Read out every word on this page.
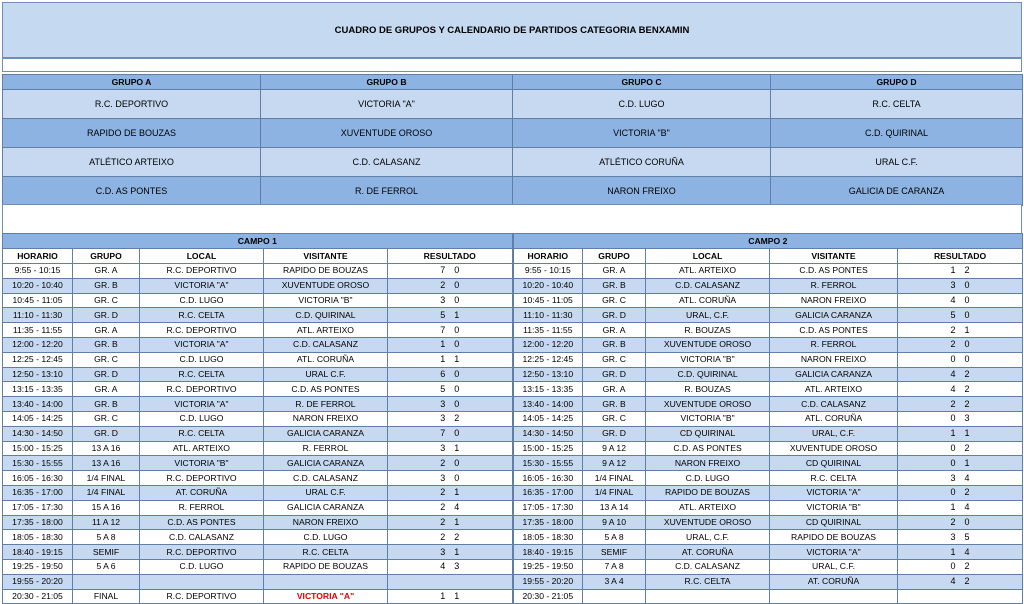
CUADRO DE GRUPOS Y CALENDARIO DE PARTIDOS CATEGORIA BENXAMIN
GRUPO A	GRUPO B	GRUPO C	GRUPO D
R.C. DEPORTIVO	VICTORIA "A"	C.D. LUGO	R.C. CELTA
RAPIDO DE BOUZAS	XUVENTUDE OROSO	VICTORIA "B"	C.D. QUIRINAL
ATLÉTICO ARTEIXO	C.D. CALASANZ	ATLÉTICO CORUÑA	URAL C.F.
C.D. AS PONTES	R. DE FERROL	NARON FREIXO	GALICIA DE CARANZA
CAMPO 1					CAMPO 2				
HORARIO	GRUPO	LOCAL	VISITANTE	RESULTADO	HORARIO	GRUPO	LOCAL	VISITANTE	RESULTADO
9:55 - 10:15	GR. A	R.C. DEPORTIVO	RAPIDO DE BOUZAS	7 0	9:55 - 10:15	GR. A	ATL. ARTEIXO	C.D. AS PONTES	1 2
10:20 - 10:40	GR. B	VICTORIA "A"	XUVENTUDE OROSO	2 0	10:20 - 10:40	GR. B	C.D. CALASANZ	R. FERROL	3 0
10:45 - 11:05	GR. C	C.D. LUGO	VICTORIA "B"	3 0	10:45 - 11:05	GR. C	ATL. CORUÑA	NARON FREIXO	4 0
11:10 - 11:30	GR. D	R.C. CELTA	C.D. QUIRINAL	5 1	11:10 - 11:30	GR. D	URAL, C.F.	GALICIA CARANZA	5 0
11:35 - 11:55	GR. A	R.C. DEPORTIVO	ATL. ARTEIXO	7 0	11:35 - 11:55	GR. A	R. BOUZAS	C.D. AS PONTES	2 1
12:00 - 12:20	GR. B	VICTORIA "A"	C.D. CALASANZ	1 0	12:00 - 12:20	GR. B	XUVENTUDE OROSO	R. FERROL	2 0
12:25 - 12:45	GR. C	C.D. LUGO	ATL. CORUÑA	1 1	12:25 - 12:45	GR. C	VICTORIA "B"	NARON FREIXO	0 0
12:50 - 13:10	GR. D	R.C. CELTA	URAL C.F.	6 0	12:50 - 13:10	GR. D	C.D. QUIRINAL	GALICIA CARANZA	4 2
13:15 - 13:35	GR. A	R.C. DEPORTIVO	C.D. AS PONTES	5 0	13:15 - 13:35	GR. A	R. BOUZAS	ATL. ARTEIXO	4 2
13:40 - 14:00	GR. B	VICTORIA "A"	R. DE FERROL	3 0	13:40 - 14:00	GR. B	XUVENTUDE OROSO	C.D. CALASANZ	2 2
14:05 - 14:25	GR. C	C.D. LUGO	NARON FREIXO	3 2	14:05 - 14:25	GR. C	VICTORIA "B"	ATL. CORUÑA	0 3
14:30 - 14:50	GR. D	R.C. CELTA	GALICIA CARANZA	7 0	14:30 - 14:50	GR. D	CD QUIRINAL	URAL, C.F.	1 1
15:00 - 15:25	13 A 16	ATL. ARTEIXO	R. FERROL	3 1	15:00 - 15:25	9 A 12	C.D. AS PONTES	XUVENTUDE OROSO	0 2
15:30 - 15:55	13 A 16	VICTORIA "B"	GALICIA CARANZA	2 0	15:30 - 15:55	9 A 12	NARON FREIXO	CD QUIRINAL	0 1
16:05 - 16:30	1/4 FINAL	R.C. DEPORTIVO	C.D. CALASANZ	3 0	16:05 - 16:30	1/4 FINAL	C.D. LUGO	R.C. CELTA	3 4
16:35 - 17:00	1/4 FINAL	AT. CORUÑA	URAL C.F.	2 1	16:35 - 17:00	1/4 FINAL	RAPIDO DE BOUZAS	VICTORIA "A"	0 2
17:05 - 17:30	15 A 16	R. FERROL	GALICIA CARANZA	2 4	17:05 - 17:30	13 A 14	ATL. ARTEIXO	VICTORIA "B"	1 4
17:35 - 18:00	11 A 12	C.D. AS PONTES	NARON FREIXO	2 1	17:35 - 18:00	9 A 10	XUVENTUDE OROSO	CD QUIRINAL	2 0
18:05 - 18:30	5 A 8	C.D. CALASANZ	C.D. LUGO	2 2	18:05 - 18:30	5 A 8	URAL, C.F.	RAPIDO DE BOUZAS	3 5
18:40 - 19:15	SEMIF	R.C. DEPORTIVO	R.C. CELTA	3 1	18:40 - 19:15	SEMIF	AT. CORUÑA	VICTORIA "A"	1 4
19:25 - 19:50	5 A 6	C.D. LUGO	RAPIDO DE BOUZAS	4 3	19:25 - 19:50	7 A 8	C.D. CALASANZ	URAL, C.F.	0 2
19:55 - 20:20					19:55 - 20:20	3 A 4	R.C. CELTA	AT. CORUÑA	4 2
20:30 - 21:05	FINAL	R.C. DEPORTIVO	VICTORIA "A"	1 1	20:30 - 21:05				
